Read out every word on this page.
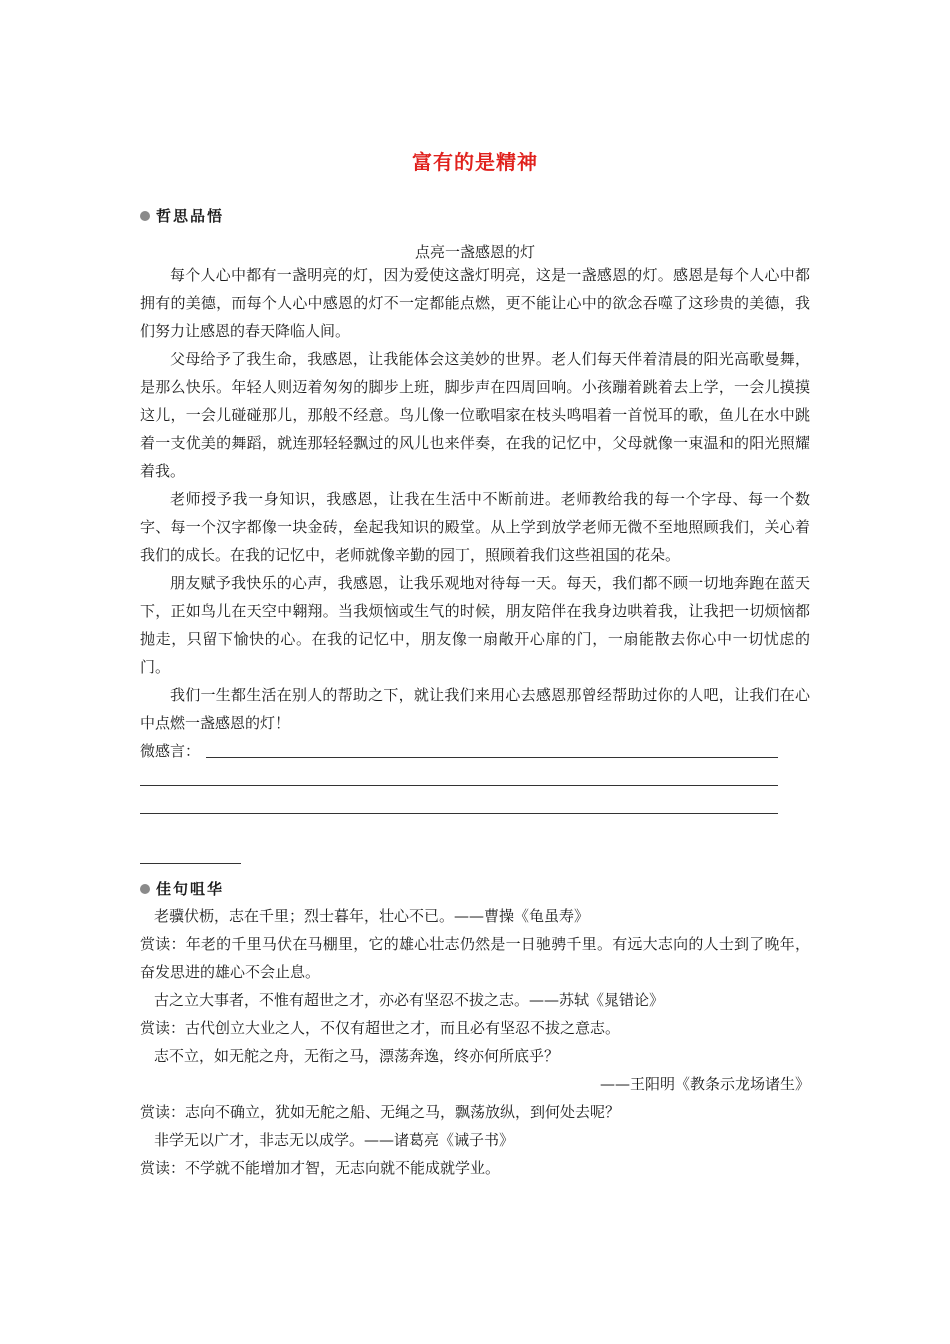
富有的是精神
哲思品悟
点亮一盏感恩的灯

每个人心中都有一盏明亮的灯，因为爱使这盏灯明亮，这是一盏感恩的灯。感恩是每个人心中都拥有的美德，而每个人心中感恩的灯不一定都能点燃，更不能让心中的欲念吞噬了这珍贵的美德，我们努力让感恩的春天降临人间。

父母给予了我生命，我感恩，让我能体会这美妙的世界。老人们每天伴着清晨的阳光高歌曼舞，是那么快乐。年轻人则迈着匆匆的脚步上班，脚步声在四周回响。小孩蹦着跳着去上学，一会儿摸摸这儿，一会儿碰碰那儿，那般不经意。鸟儿像一位歌唱家在枝头鸣唱着一首悦耳的歌，鱼儿在水中跳着一支优美的舞蹈，就连那轻轻飘过的风儿也来伴奏，在我的记忆中，父母就像一束温和的阳光照耀着我。

老师授予我一身知识，我感恩，让我在生活中不断前进。老师教给我的每一个字母、每一个数字、每一个汉字都像一块金砖，垒起我知识的殿堂。从上学到放学老师无微不至地照顾我们，关心着我们的成长。在我的记忆中，老师就像辛勤的园丁，照顾着我们这些祖国的花朵。

朋友赋予我快乐的心声，我感恩，让我乐观地对待每一天。每天，我们都不顾一切地奔跑在蓝天下，正如鸟儿在天空中翱翔。当我烦恼或生气的时候，朋友陪伴在我身边哄着我，让我把一切烦恼都抛走，只留下愉快的心。在我的记忆中，朋友像一扇敞开心扉的门，一扇能散去你心中一切忧虑的门。

我们一生都生活在别人的帮助之下，就让我们来用心去感恩那曾经帮助过你的人吧，让我们在心中点燃一盏感恩的灯！

微感言：
佳句咀华
老骥伏枥，志在千里；烈士暮年，壮心不已。——曹操《龟虽寿》
赏读：年老的千里马伏在马棚里，它的雄心壮志仍然是一日驰骋千里。有远大志向的人士到了晚年，奋发思进的雄心不会止息。
古之立大事者，不惟有超世之才，亦必有坚忍不拔之志。——苏轼《晁错论》
赏读：古代创立大业之人，不仅有超世之才，而且必有坚忍不拔之意志。
志不立，如无舵之舟，无衔之马，漂荡奔逸，终亦何所底乎？
——王阳明《教条示龙场诸生》
赏读：志向不确立，犹如无舵之船、无绳之马，飘荡放纵，到何处去呢？
非学无以广才，非志无以成学。——诸葛亮《诫子书》
赏读：不学就不能增加才智，无志向就不能成就学业。
